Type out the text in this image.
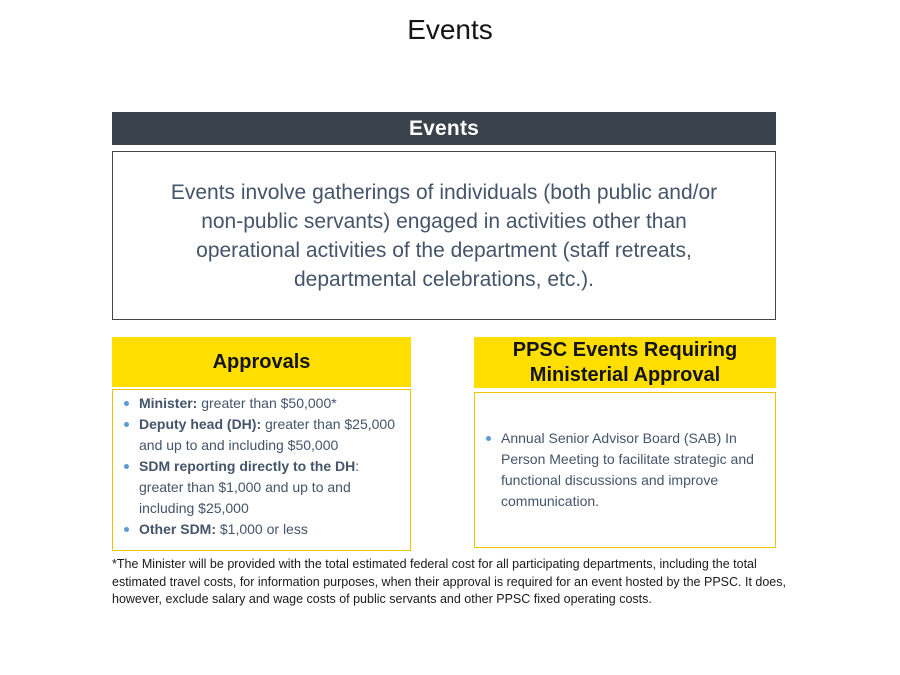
Events
Events
Events involve gatherings of individuals (both public and/or
non-public servants) engaged in activities other than
operational activities of the department (staff retreats,
departmental celebrations, etc.).
Approvals
Minister: greater than $50,000*
Deputy head (DH): greater than $25,000 and up to and including $50,000
SDM reporting directly to the DH: greater than $1,000 and up to and including $25,000
Other SDM: $1,000 or less
PPSC Events Requiring
Ministerial Approval
Annual Senior Advisor Board (SAB) In Person Meeting to facilitate strategic and functional discussions and improve communication.
*The Minister will be provided with the total estimated federal cost for all participating departments, including the total estimated travel costs, for information purposes, when their approval is required for an event hosted by the PPSC. It does, however, exclude salary and wage costs of public servants and other PPSC fixed operating costs.
